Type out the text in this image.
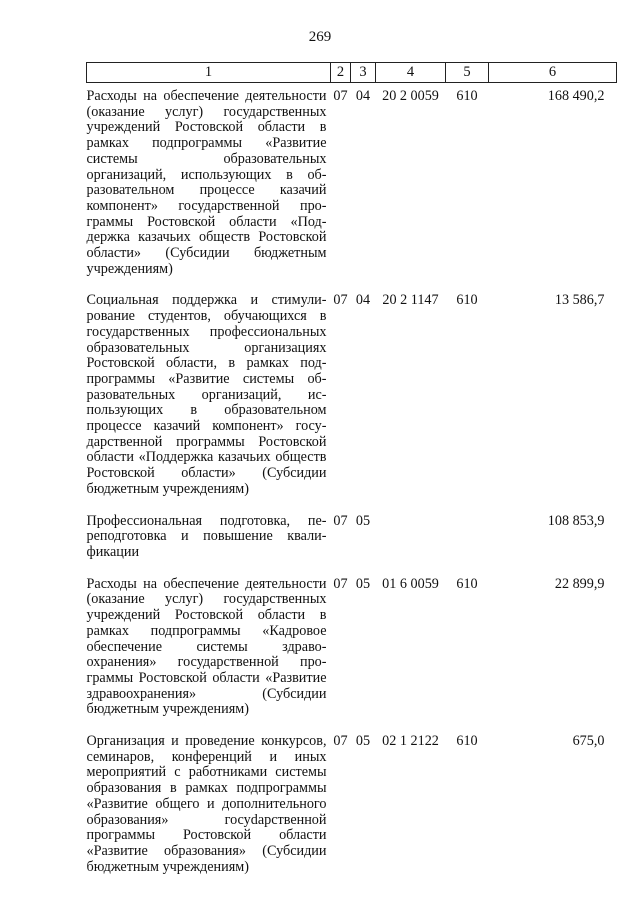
269
1	2	3	4	5	6
Расходы на обеспечение деятельности (оказание услуг) государственных учреждений Ростовской области в рамках подпрограммы «Развитие системы образовательных организаций, использующих в образовательном процессе казачий компонент» государственной программы Ростовской области «Поддержка казачьих обществ Ростовской области» (Субсидии бюджетным учреждениям)	07	04	20 2 0059	610	168 490,2
Социальная поддержка и стимулирование студентов, обучающихся в государственных профессиональных образовательных организациях Ростовской области, в рамках подпрограммы «Развитие системы образовательных организаций, использующих в образовательном процессе казачий компонент» государственной программы Ростовской области «Поддержка казачьих обществ Ростовской области» (Субсидии бюджетным учреждениям)	07	04	20 2 1147	610	13 586,7
Профессиональная подготовка, переподготовка и повышение квалификации	07	05			108 853,9
Расходы на обеспечение деятельности (оказание услуг) государственных учреждений Ростовской области в рамках подпрограммы «Кадровое обеспечение системы здравоохранения» государственной программы Ростовской области «Развитие здравоохранения» (Субсидии бюджетным учреждениям)	07	05	01 6 0059	610	22 899,9
Организация и проведение конкурсов, семинаров, конференций и иных мероприятий с работниками системы образования в рамках подпрограммы «Развитие общего и дополнительного образования» госуdарственной программы Ростовской области «Развитие образования» (Субсидии бюджетным учреждениям)	07	05	02 1 2122	610	675,0
